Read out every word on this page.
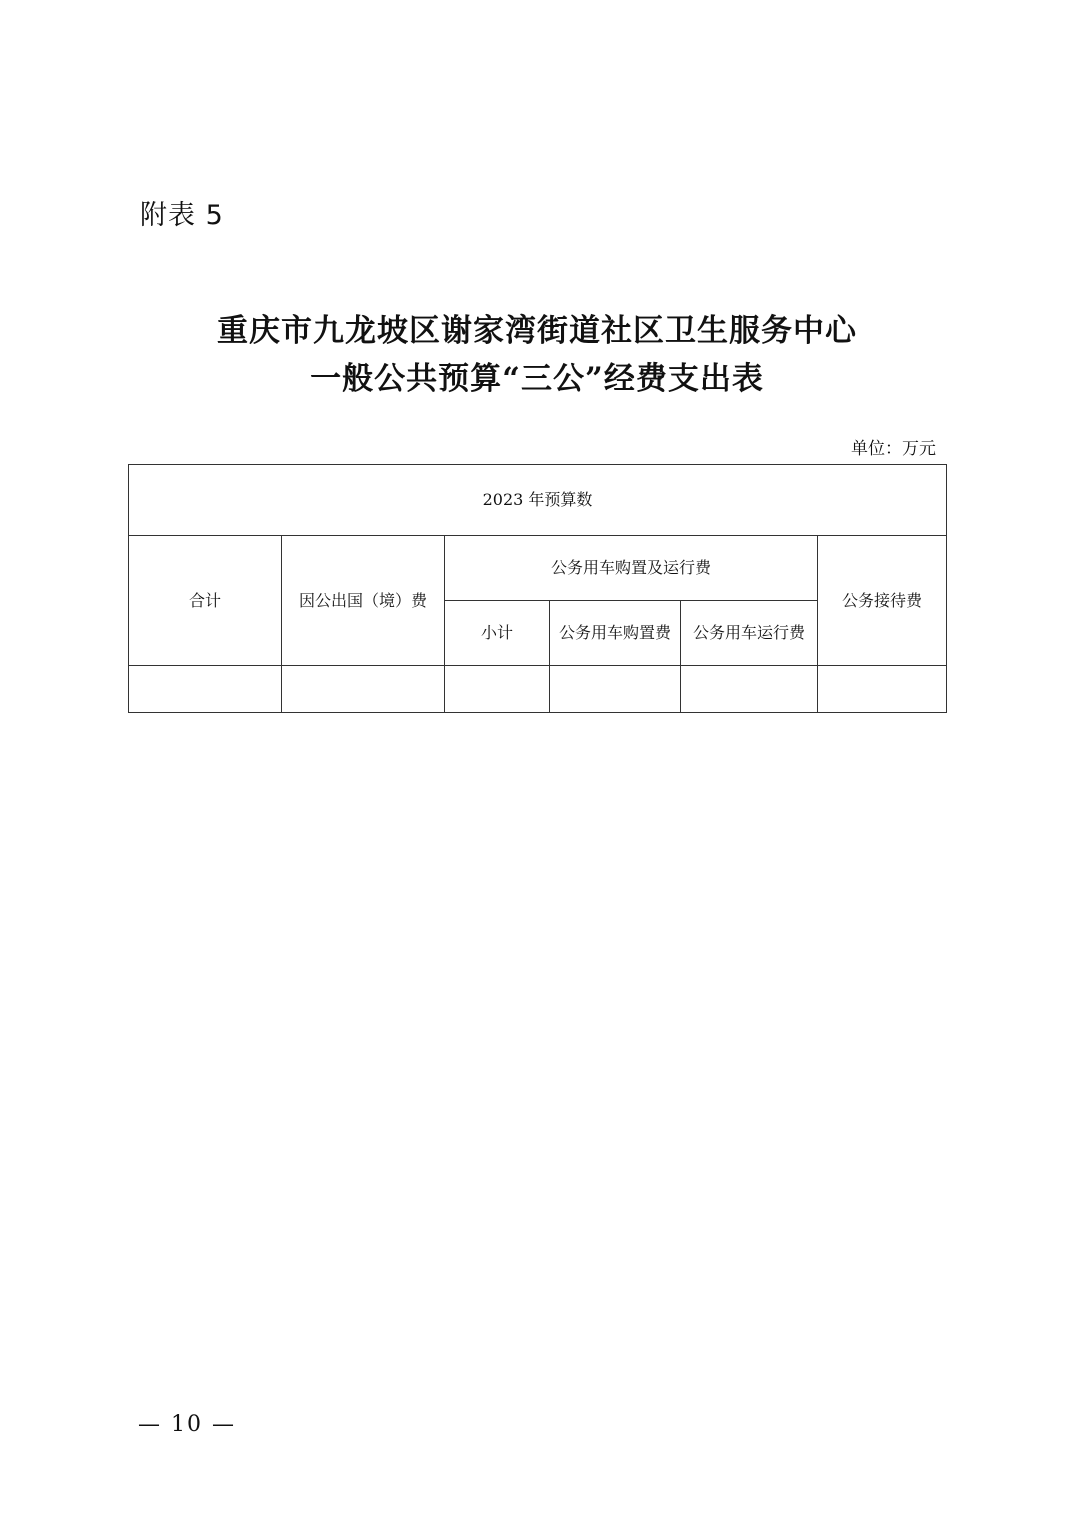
附表 5
重庆市九龙坡区谢家湾街道社区卫生服务中心
一般公共预算“三公”经费支出表
单位：万元
2023 年预算数					
合计	因公出国（境）费	公务用车购置及运行费			公务接待费
		小计	公务用车购置费	公务用车运行费	

— 10 —
